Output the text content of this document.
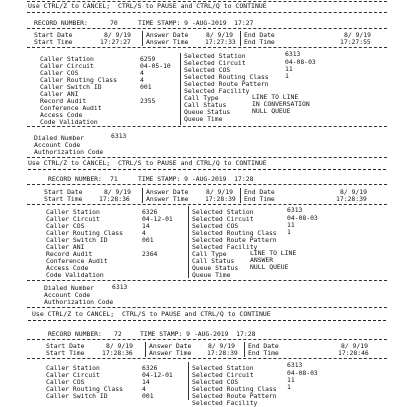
Use CTRL/Z to CANCEL;  CTRL/S to PAUSE and CTRL/Q to CONTINUE
RECORD NUMBER:	70	TIME STAMP: 9 -AUG-2019  17:27
Start Date	8/ 9/19
Start Time	17:27:27
Answer Date	8/ 9/19
Answer Time	17:27:33
End Date	8/ 9/19
End Time	17:27:55
Caller Station	6259
Caller Circuit	04-05-10
Caller COS	4
Caller Routing Class	4
Caller Switch ID	001
Caller ANI
Record Audit	2355
Conference Audit
Access Code
Code Validation
Selected Station	6313
Selected Circuit	04-08-03
Selected COS	11
Selected Routing Class	1
Selected Route Pattern
Selected Facility
Call Type	LINE TO LINE
Call Status	IN CONVERSATION
Queue Status	NULL QUEUE
Queue Time
Dialed Number	6313
Account Code
Authorization Code
Use CTRL/Z to CANCEL;  CTRL/S to PAUSE and CTRL/Q to CONTINUE
RECORD NUMBER: 71	TIME STAMP: 9 -AUG-2019  17:28
Start Date	8/ 9/19
Start Time	17:28:36
Answer Date	8/ 9/19
Answer Time	17:28:39
End Date	8/ 9/19
End Time	17:28:39
Caller Station	6326
Caller Circuit	04-12-01
Caller COS	14
Caller Routing Class	4
Caller Switch ID	001
Caller ANI
Record Audit	2364
Conference Audit
Access Code
Code Validation
Selected Station	6313
Selected Circuit	04-08-03
Selected COS	11
Selected Routing Class 1
Selected Route Pattern
Selected Facility
Call Type	LINE TO LINE
Call Status ANSWER
Queue Status NULL QUEUE
Queue Time
Dialed Number	6313
Account Code
Authorization Code
Use CTRL/Z to CANCEL;  CTRL/S to PAUSE and CTRL/Q to CONTINUE
RECORD NUMBER: 72	TIME STAMP: 9 -AUG-2019  17:28
Start Date	8/ 9/19
Start Time	17:28:36
Answer Date	8/ 9/19
Answer Time 17:28:39
End Date	8/ 9/19
End Time	17:28:46
Caller Station	6326
Caller Circuit	04-12-01
Caller COS	14
Caller Routing Class	4
Caller Switch ID	001
Selected Station	6313
Selected Circuit	04-08-03
Selected COS	11
Selected Routing Class 1
Selected Route Pattern
Selected Facility
